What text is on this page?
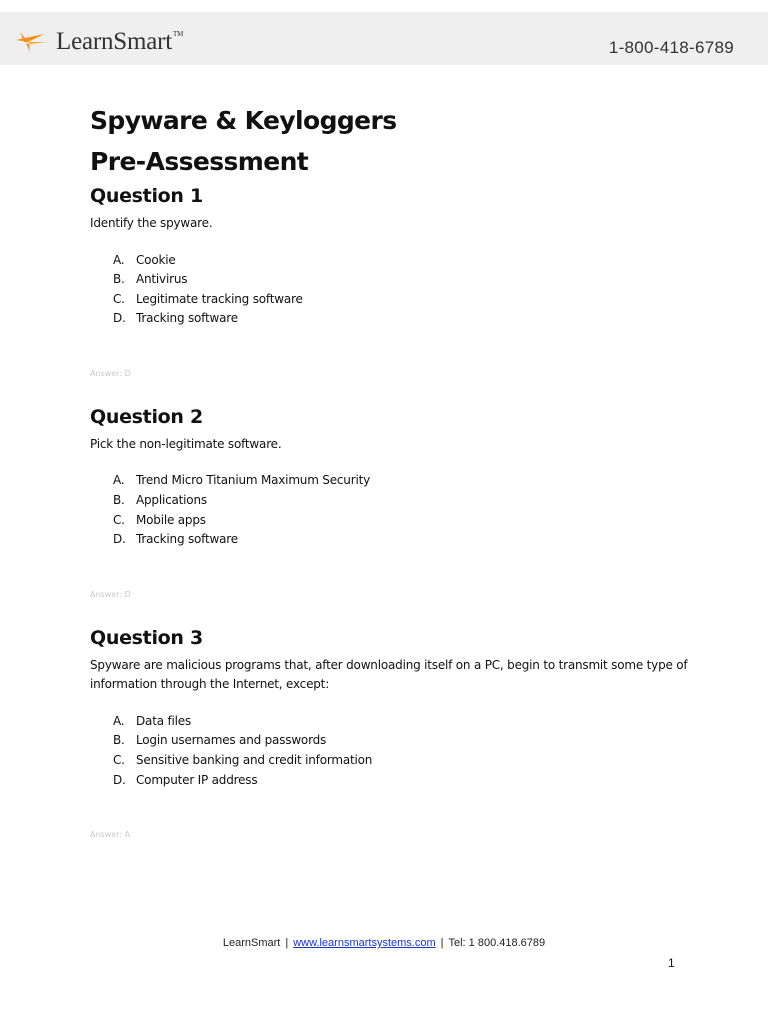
LearnSmart™
1-800-418-6789
Spyware & Keyloggers
Pre-Assessment
Question 1

Identify the spyware.

A. Cookie
B. Antivirus
C. Legitimate tracking software
D. Tracking software

Answer: D

Question 2

Pick the non-legitimate software.

A. Trend Micro Titanium Maximum Security
B. Applications
C. Mobile apps
D. Tracking software

Answer: D

Question 3

Spyware are malicious programs that, after downloading itself on a PC, begin to transmit some type of information through the Internet, except:

A. Data files
B. Login usernames and passwords
C. Sensitive banking and credit information
D. Computer IP address

Answer: A

LearnSmart | www.learnsmartsystems.com | Tel: 1 800.418.6789
1
